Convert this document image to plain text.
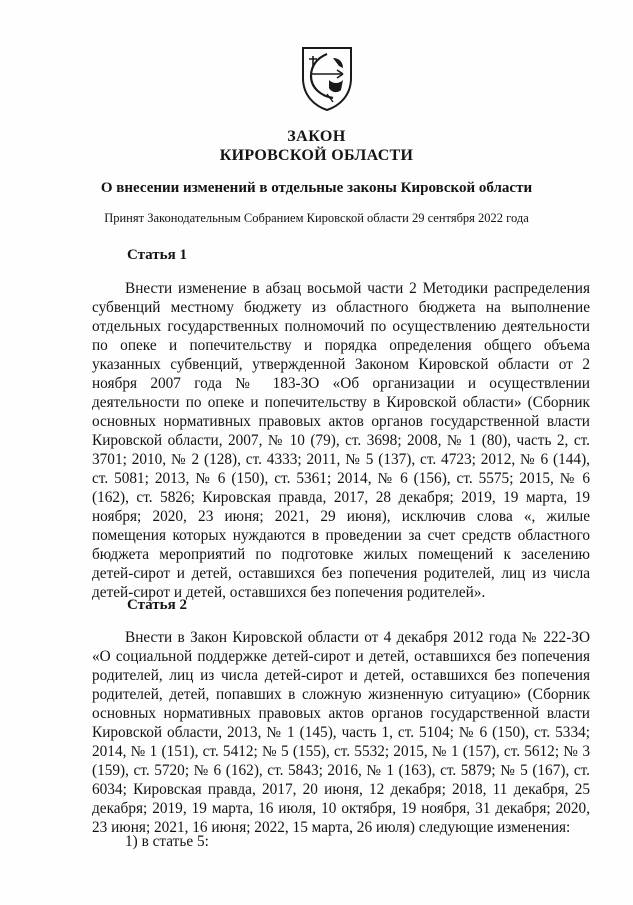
ЗАКОН
КИРОВСКОЙ ОБЛАСТИ
О внесении изменений в отдельные законы Кировской области
Принят Законодательным Собранием Кировской области 29 сентября 2022 года
Статья 1

Внести изменение в абзац восьмой части 2 Методики распределения субвенций местному бюджету из областного бюджета на выполнение отдельных государственных полномочий по осуществлению деятельности по опеке и попечительству и порядка определения общего объема указанных субвенций, утвержденной Законом Кировской области от 2 ноября 2007 года № 183-ЗО «Об организации и осуществлении деятельности по опеке и попечительству в Кировской области» (Сборник основных нормативных правовых актов органов государственной власти Кировской области, 2007, № 10 (79), ст. 3698; 2008, № 1 (80), часть 2, ст. 3701; 2010, № 2 (128), ст. 4333; 2011, № 5 (137), ст. 4723; 2012, № 6 (144), ст. 5081; 2013, № 6 (150), ст. 5361; 2014, № 6 (156), ст. 5575; 2015, № 6 (162), ст. 5826; Кировская правда, 2017, 28 декабря; 2019, 19 марта, 19 ноября; 2020, 23 июня; 2021, 29 июня), исключив слова «, жилые помещения которых нуждаются в проведении за счет средств областного бюджета мероприятий по подготовке жилых помещений к заселению детей-сирот и детей, оставшихся без попечения родителей, лиц из числа детей-сирот и детей, оставшихся без попечения родителей».

Статья 2

Внести в Закон Кировской области от 4 декабря 2012 года № 222-ЗО «О социальной поддержке детей-сирот и детей, оставшихся без попечения родителей, лиц из числа детей-сирот и детей, оставшихся без попечения родителей, детей, попавших в сложную жизненную ситуацию» (Сборник основных нормативных правовых актов органов государственной власти Кировской области, 2013, № 1 (145), часть 1, ст. 5104; № 6 (150), ст. 5334; 2014, № 1 (151), ст. 5412; № 5 (155), ст. 5532; 2015, № 1 (157), ст. 5612; № 3 (159), ст. 5720; № 6 (162), ст. 5843; 2016, № 1 (163), ст. 5879; № 5 (167), ст. 6034; Кировская правда, 2017, 20 июня, 12 декабря; 2018, 11 декабря, 25 декабря; 2019, 19 марта, 16 июля, 10 октября, 19 ноября, 31 декабря; 2020, 23 июня; 2021, 16 июня; 2022, 15 марта, 26 июля) следующие изменения:

1) в статье 5:
